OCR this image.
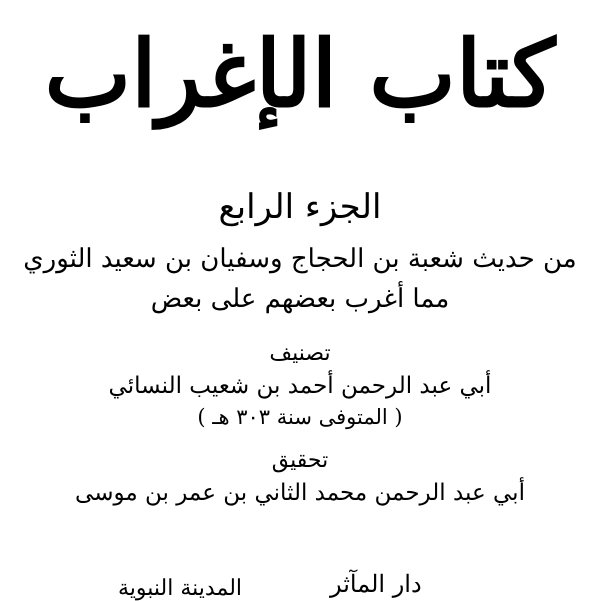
كتاب الإغراب
الجزء الرابع
من حديث شعبة بن الحجاج وسفيان بن سعيد الثوري
مما أغرب بعضهم على بعض
تصنيف
أبي عبد الرحمن أحمد بن شعيب النسائي
( المتوفى سنة ٣٠٣ هـ )
تحقيق
أبي عبد الرحمن محمد الثاني بن عمر بن موسى
دار المآثر
المدينة النبوية
